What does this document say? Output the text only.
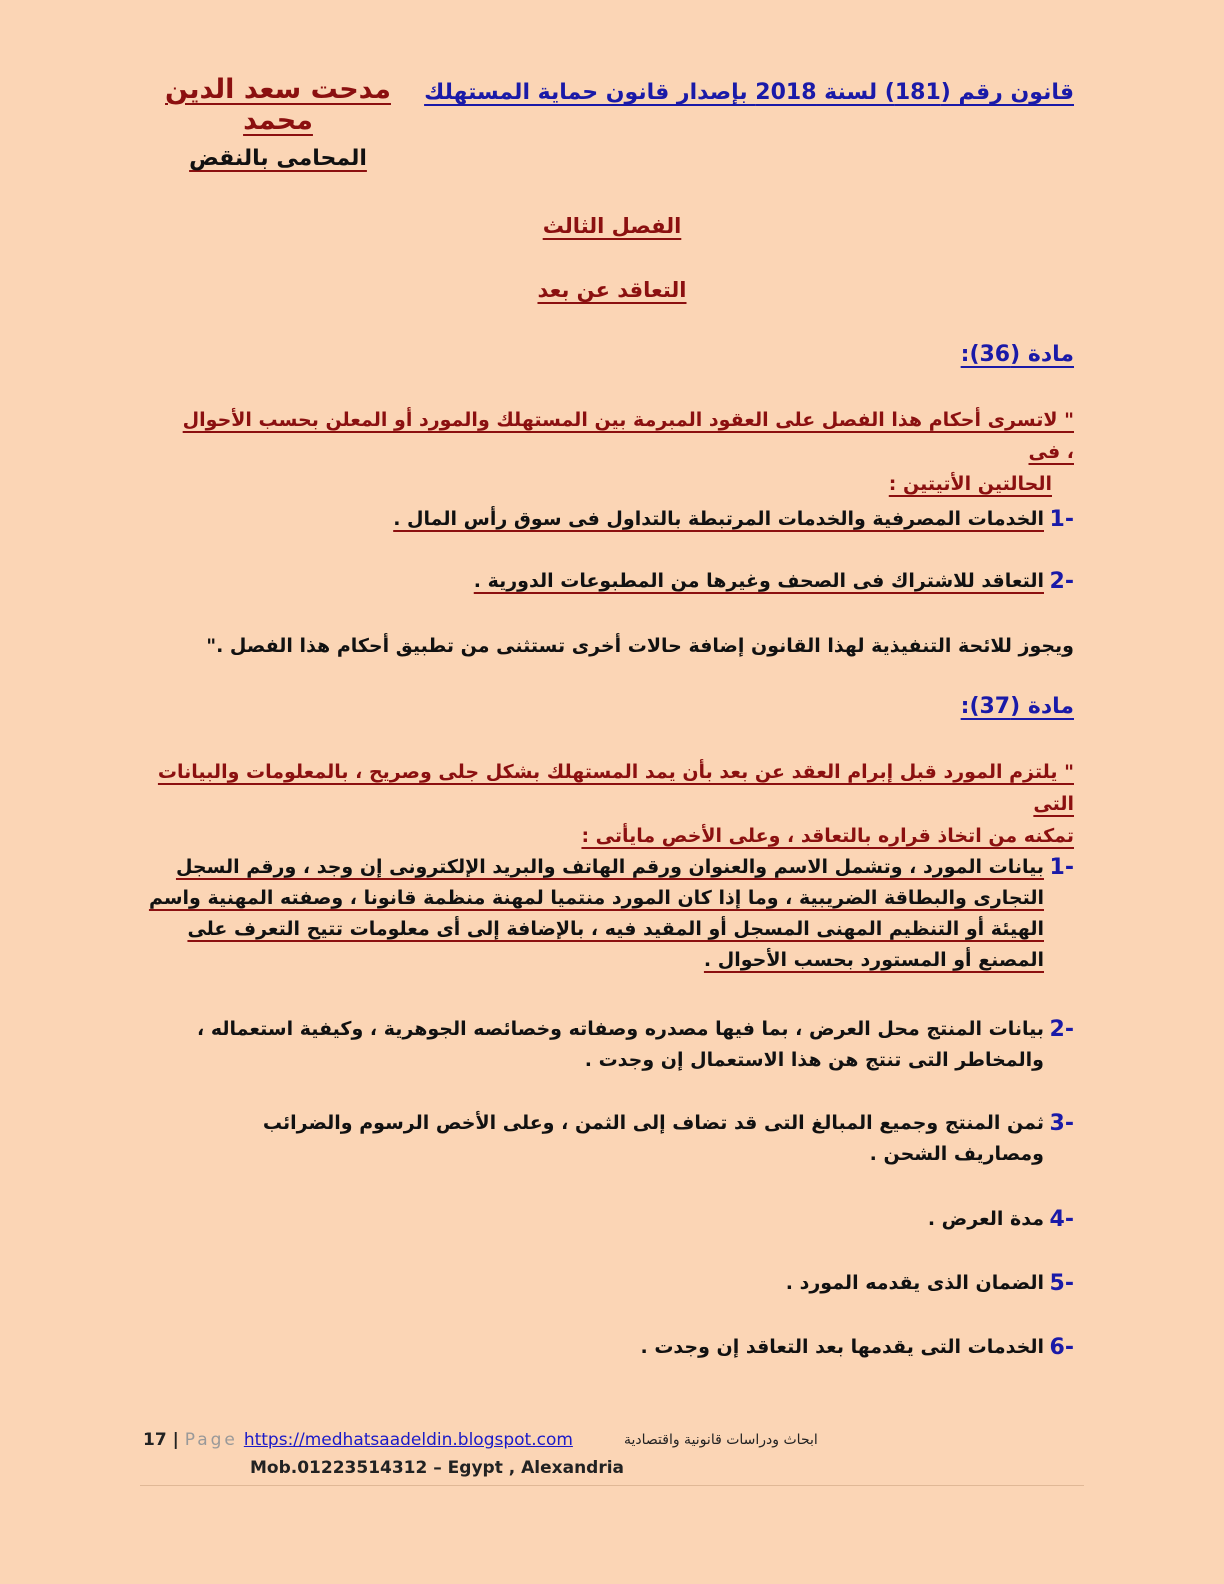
قانون رقم (181) لسنة 2018 بإصدار قانون حماية المستهلك
مدحت سعد الدين محمد
المحامى بالنقض
الفصل الثالث
التعاقد عن بعد
مادة (36):
" لاتسرى أحكام هذا الفصل على العقود المبرمة بين المستهلك والمورد أو المعلن بحسب الأحوال ، فى
الحالتين الأتيتين :
1-
الخدمات المصرفية والخدمات المرتبطة بالتداول فى سوق رأس المال .
2-
التعاقد للاشتراك فى الصحف وغيرها من المطبوعات الدورية .
ويجوز للائحة التنفيذية لهذا القانون إضافة حالات أخرى تستثنى من تطبيق أحكام هذا الفصل ."
مادة (37):
" يلتزم المورد قبل إبرام العقد عن بعد بأن يمد المستهلك بشكل جلى وصريح ، بالمعلومات والبيانات التى
تمكنه من اتخاذ قراره بالتعاقد ، وعلى الأخص مايأتى :
1-
بيانات المورد ، وتشمل الاسم والعنوان ورقم الهاتف والبريد الإلكترونى إن وجد ، ورقم السجل التجارى والبطاقة الضريبية ، وما إذا كان المورد منتميا لمهنة منظمة قانونا ، وصفته المهنية واسم الهيئة أو التنظيم المهنى المسجل أو المقيد فيه ، بالإضافة إلى أى معلومات تتيح التعرف على المصنع أو المستورد بحسب الأحوال .
2-
بيانات المنتج محل العرض ، بما فيها مصدره وصفاته وخصائصه الجوهرية ، وكيفية استعماله ، والمخاطر التى تنتج هن هذا الاستعمال إن وجدت .
3-
ثمن المنتج وجميع المبالغ التى قد تضاف إلى الثمن ، وعلى الأخص الرسوم والضرائب ومصاريف الشحن .
4-
مدة العرض .
5-
الضمان الذى يقدمه المورد .
6-
الخدمات التى يقدمها بعد التعاقد إن وجدت .
17 | Page https://medhatsaadeldin.blogspot.com	ابحاث ودراسات قانونية واقتصادية
Mob.01223514312 – Egypt , Alexandria
